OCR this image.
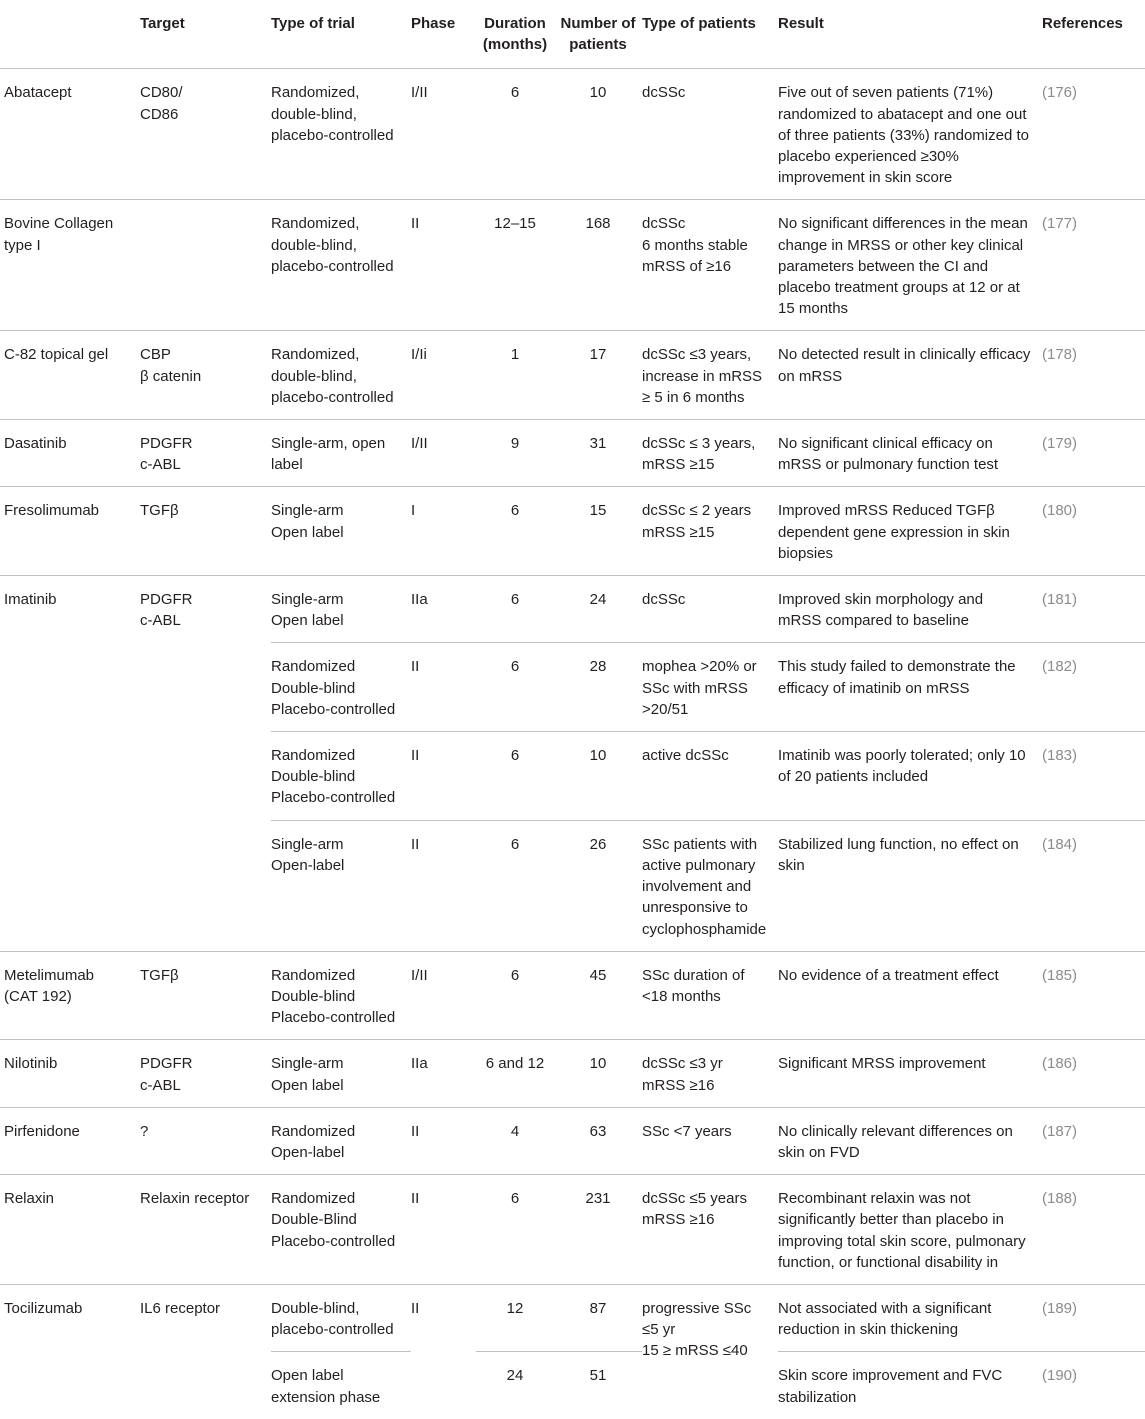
	Target	Type of trial	Phase	Duration
(months)	Number of
patients	Type of patients	Result	References
Abatacept	CD80/
CD86	Randomized,
double-blind,
placebo-controlled	I/II	6	10	dcSSc	Five out of seven patients (71%)
randomized to abatacept and one out
of three patients (33%) randomized to
placebo experienced ≥30%
improvement in skin score	(176)
Bovine Collagen
type I		Randomized,
double-blind,
placebo-controlled	II	12–15	168	dcSSc
6 months stable
mRSS of ≥16	No significant differences in the mean
change in MRSS or other key clinical
parameters between the CI and
placebo treatment groups at 12 or at
15 months	(177)
C-82 topical gel	CBP
β catenin	Randomized,
double-blind,
placebo-controlled	I/Ii	1	17	dcSSc ≤3 years,
increase in mRSS
≥ 5 in 6 months	No detected result in clinically efficacy
on mRSS	(178)
Dasatinib	PDGFR
c-ABL	Single-arm, open
label	I/II	9	31	dcSSc ≤ 3 years,
mRSS ≥15	No significant clinical efficacy on
mRSS or pulmonary function test	(179)
Fresolimumab	TGFβ	Single-arm
Open label	I	6	15	dcSSc ≤ 2 years
mRSS ≥15	Improved mRSS Reduced TGFβ
dependent gene expression in skin
biopsies	(180)
Imatinib	PDGFR
c-ABL	Single-arm
Open label	IIa	6	24	dcSSc	Improved skin morphology and
mRSS compared to baseline	(181)
		Randomized
Double-blind
Placebo-controlled	II	6	28	mophea >20% or
SSc with mRSS
>20/51	This study failed to demonstrate the
efficacy of imatinib on mRSS	(182)
		Randomized
Double-blind
Placebo-controlled	II	6	10	active dcSSc	Imatinib was poorly tolerated; only 10
of 20 patients included	(183)
		Single-arm
Open-label	II	6	26	SSc patients with
active pulmonary
involvement and
unresponsive to
cyclophosphamide	Stabilized lung function, no effect on
skin	(184)
Metelimumab
(CAT 192)	TGFβ	Randomized
Double-blind
Placebo-controlled	I/II	6	45	SSc duration of
<18 months	No evidence of a treatment effect	(185)
Nilotinib	PDGFR
c-ABL	Single-arm
Open label	IIa	6 and 12	10	dcSSc ≤3 yr
mRSS ≥16	Significant MRSS improvement	(186)
Pirfenidone	?	Randomized
Open-label	II	4	63	SSc <7 years	No clinically relevant differences on
skin on FVD	(187)
Relaxin	Relaxin receptor	Randomized
Double-Blind
Placebo-controlled	II	6	231	dcSSc ≤5 years
mRSS ≥16	Recombinant relaxin was not
significantly better than placebo in
improving total skin score, pulmonary
function, or functional disability in	(188)
Tocilizumab	IL6 receptor	Double-blind,
placebo-controlled	II	12	87	progressive SSc
≤5 yr
15 ≥ mRSS ≤40	Not associated with a significant
reduction in skin thickening	(189)
		Open label
extension phase		24	51		Skin score improvement and FVC
stabilization	(190)
